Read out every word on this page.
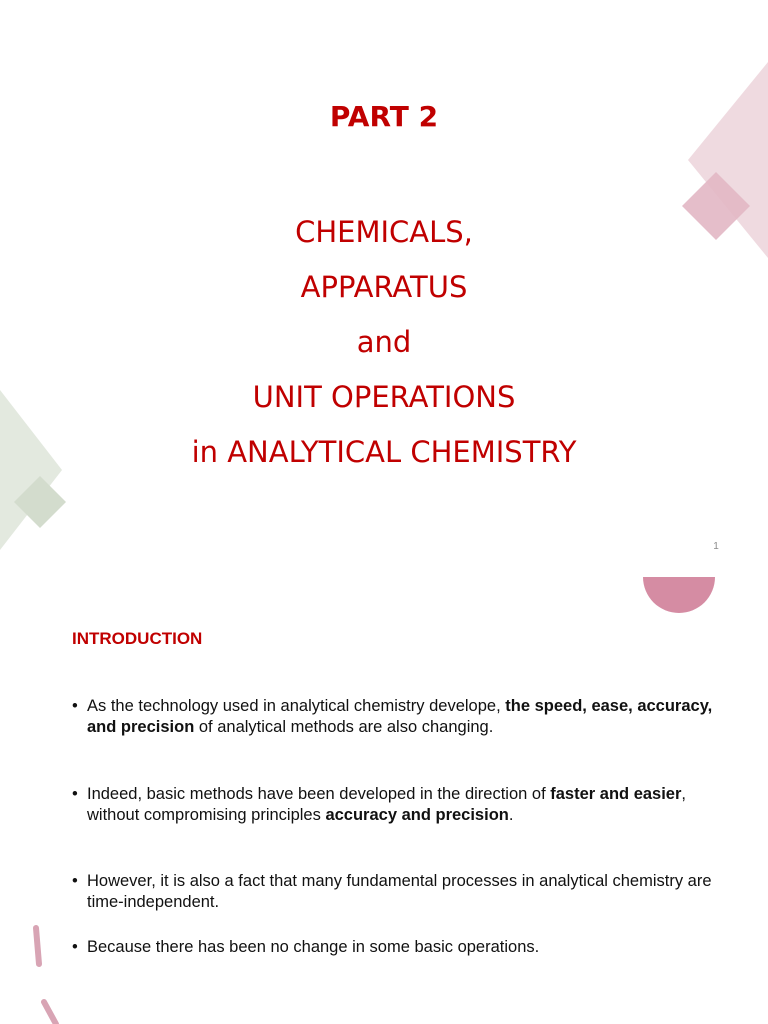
PART 2
CHEMICALS,
APPARATUS
and
UNIT OPERATIONS
in ANALYTICAL CHEMISTRY
1
INTRODUCTION
• As the technology used in analytical chemistry develope, the speed, ease, accuracy, and precision of analytical methods are also changing.
• Indeed, basic methods have been developed in the direction of faster and easier, without compromising principles accuracy and precision.
• However, it is also a fact that many fundamental processes in analytical chemistry are time-independent.
• Because there has been no change in some basic operations.
